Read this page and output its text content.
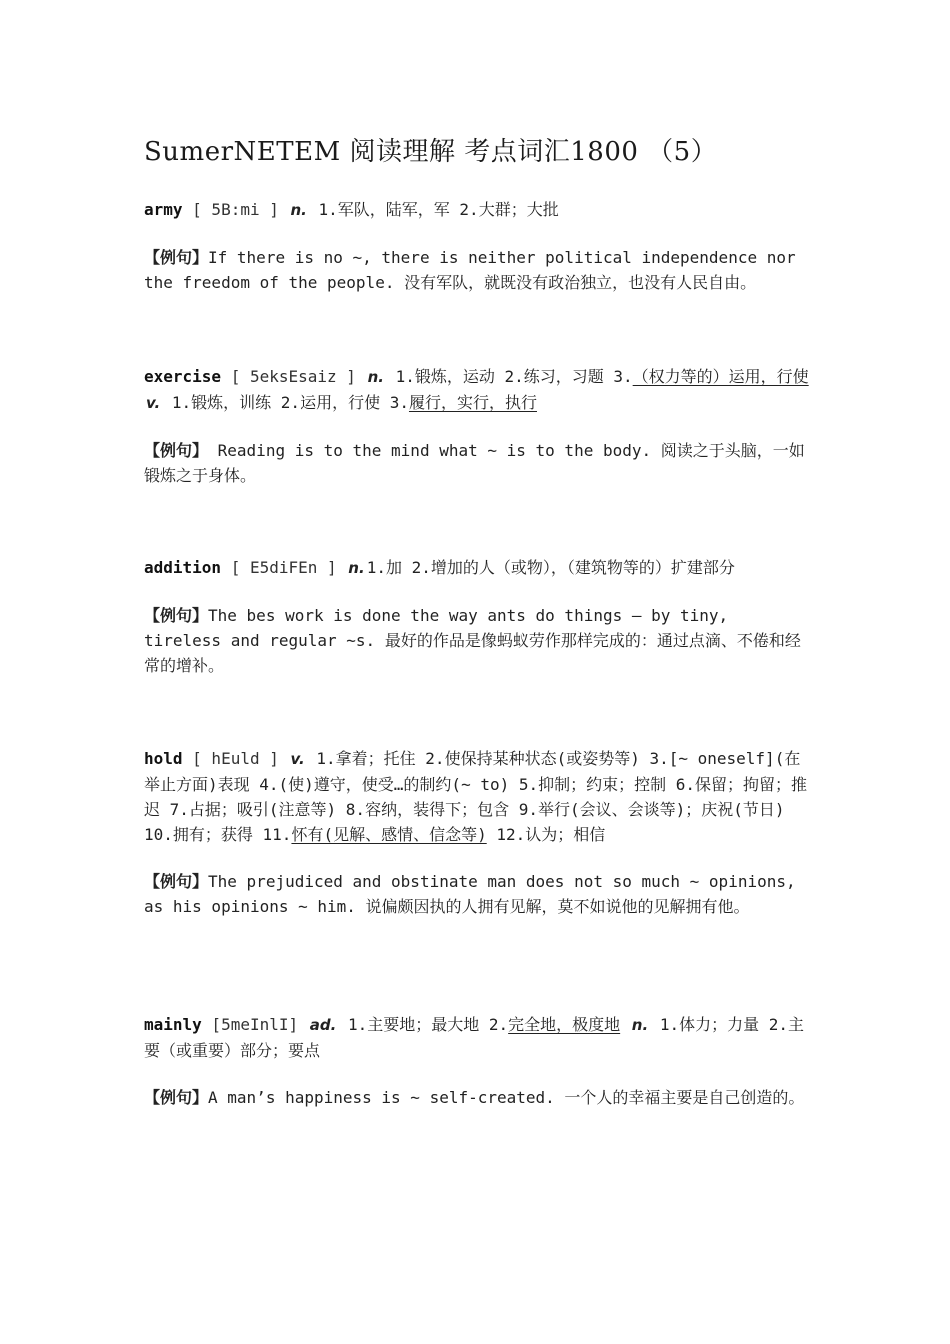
SumerNETEM 阅读理解 考点词汇1800 （5）

army [ 5B:mi ] n. 1.军队，陆军，军 2.大群；大批

【例句】If there is no ~, there is neither political independence nor the freedom of the people. 没有军队，就既没有政治独立，也没有人民自由。

exercise [ 5eksEsaiz ] n. 1.锻炼，运动 2.练习，习题 3.（权力等的）运用，行使 v. 1.锻炼，训练 2.运用，行使 3.履行，实行，执行

【例句】 Reading is to the mind what ~ is to the body. 阅读之于头脑，一如锻炼之于身体。

addition [ E5diFEn ] n. 1.加 2.增加的人（或物），（建筑物等的）扩建部分

【例句】The bes work is done the way ants do things — by tiny, tireless and regular ~s. 最好的作品是像蚂蚁劳作那样完成的：通过点滴、不倦和经常的增补。

hold [ hEuld ] v. 1.拿着；托住 2.使保持某种状态(或姿势等) 3.[~ oneself](在举止方面)表现 4.(使)遵守，使受…的制约(~ to) 5.抑制；约束；控制 6.保留；拘留；推迟 7.占据；吸引(注意等) 8.容纳，装得下；包含 9.举行(会议、会谈等)；庆祝(节日) 10.拥有；获得 11.怀有(见解、感情、信念等) 12.认为；相信

【例句】The prejudiced and obstinate man does not so much ~ opinions, as his opinions ~ him. 说偏颇因执的人拥有见解，莫不如说他的见解拥有他。

mainly [5meInlI] ad. 1.主要地；最大地 2.完全地，极度地 n. 1.体力；力量 2.主要（或重要）部分；要点

【例句】A man’s happiness is ~ self-created. 一个人的幸福主要是自己创造的。
